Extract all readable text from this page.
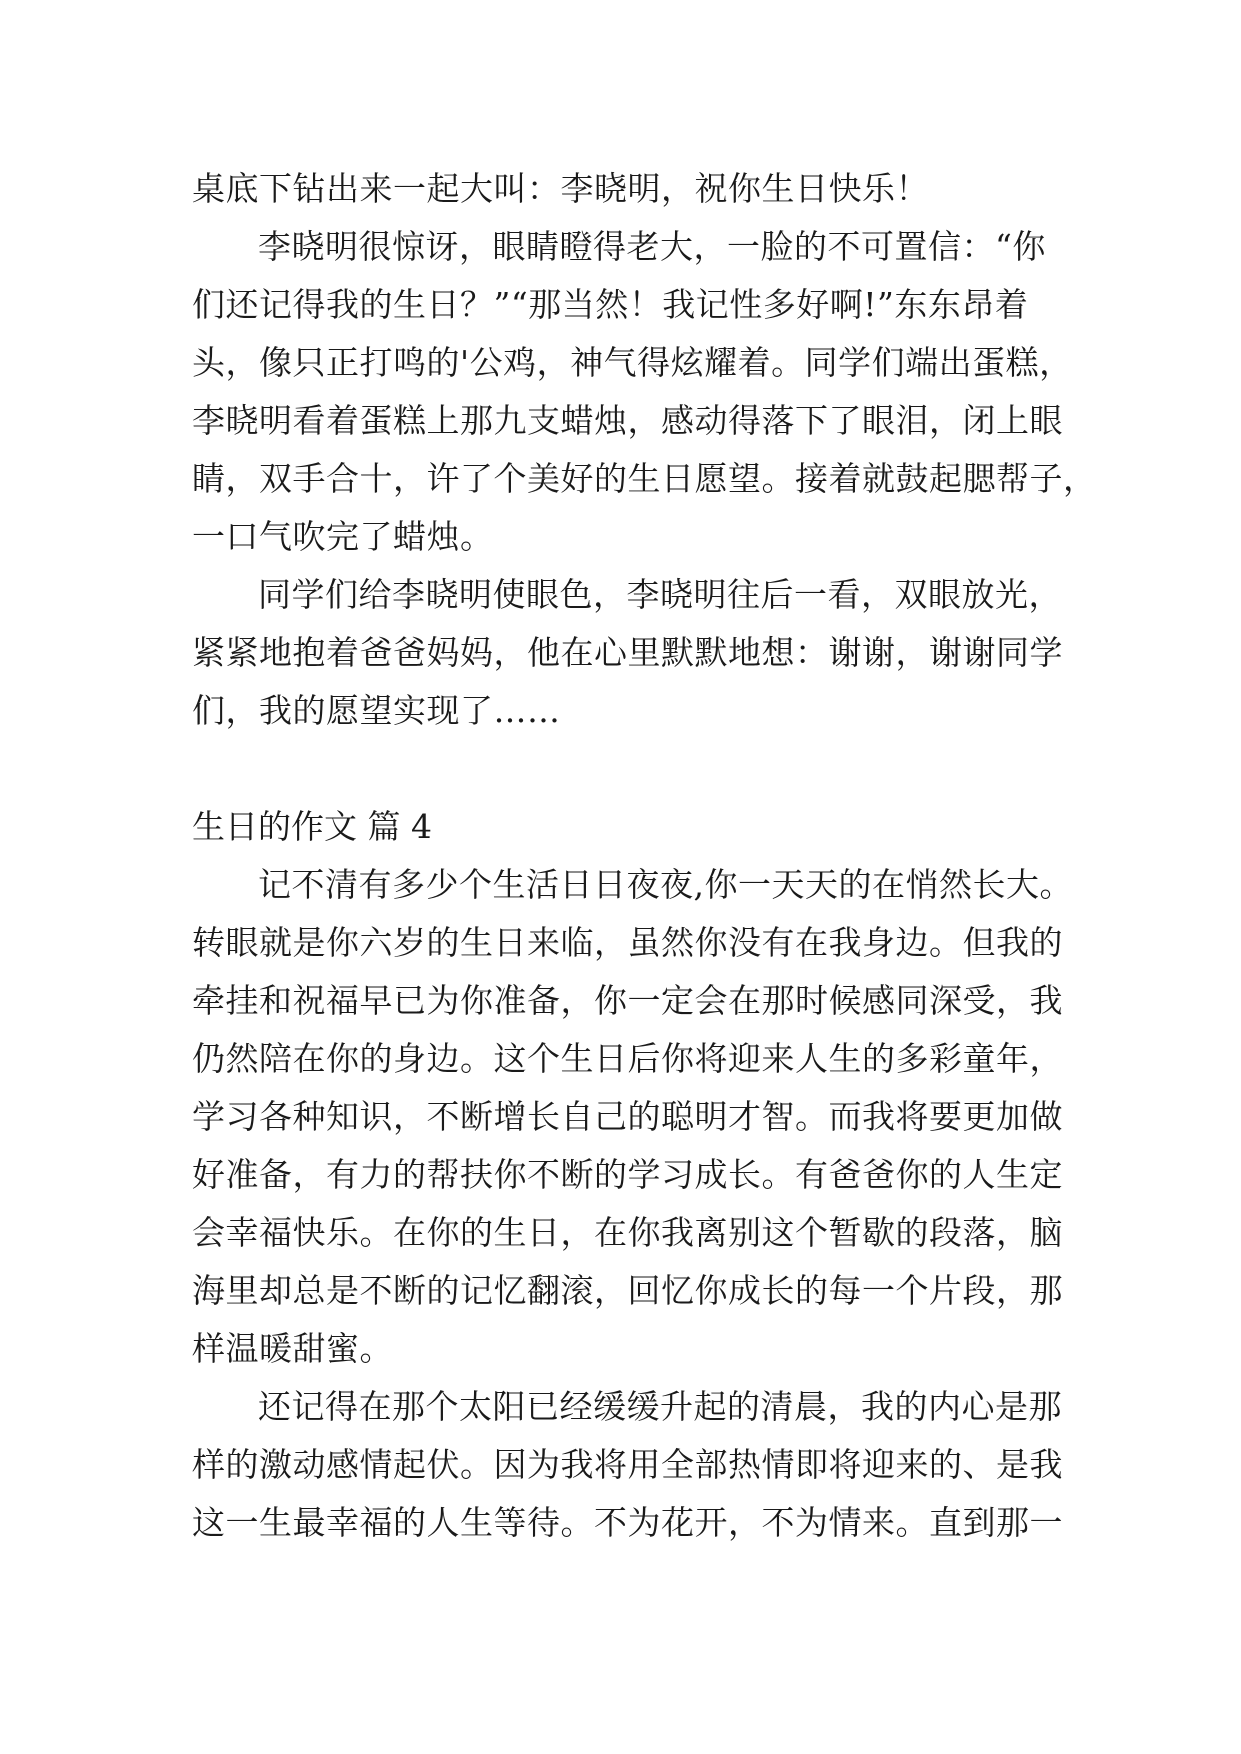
桌底下钻出来一起大叫：李晓明，祝你生日快乐！
李晓明很惊讶，眼睛瞪得老大，一脸的不可置信：“你
们还记得我的生日？”“那当然！我记性多好啊!”东东昂着
头，像只正打鸣的'公鸡，神气得炫耀着。同学们端出蛋糕，
李晓明看着蛋糕上那九支蜡烛，感动得落下了眼泪，闭上眼
睛，双手合十，许了个美好的生日愿望。接着就鼓起腮帮子，
一口气吹完了蜡烛。
同学们给李晓明使眼色，李晓明往后一看，双眼放光，
紧紧地抱着爸爸妈妈，他在心里默默地想：谢谢，谢谢同学
们，我的愿望实现了……
生日的作文 篇 4
记不清有多少个生活日日夜夜,你一天天的在悄然长大。
转眼就是你六岁的生日来临，虽然你没有在我身边。但我的
牵挂和祝福早已为你准备，你一定会在那时候感同深受，我
仍然陪在你的身边。这个生日后你将迎来人生的多彩童年，
学习各种知识，不断增长自己的聪明才智。而我将要更加做
好准备，有力的帮扶你不断的学习成长。有爸爸你的人生定
会幸福快乐。在你的生日，在你我离别这个暂歇的段落，脑
海里却总是不断的记忆翻滚，回忆你成长的每一个片段，那
样温暖甜蜜。
还记得在那个太阳已经缓缓升起的清晨，我的内心是那
样的激动感情起伏。因为我将用全部热情即将迎来的、是我
这一生最幸福的人生等待。不为花开，不为情来。直到那一
